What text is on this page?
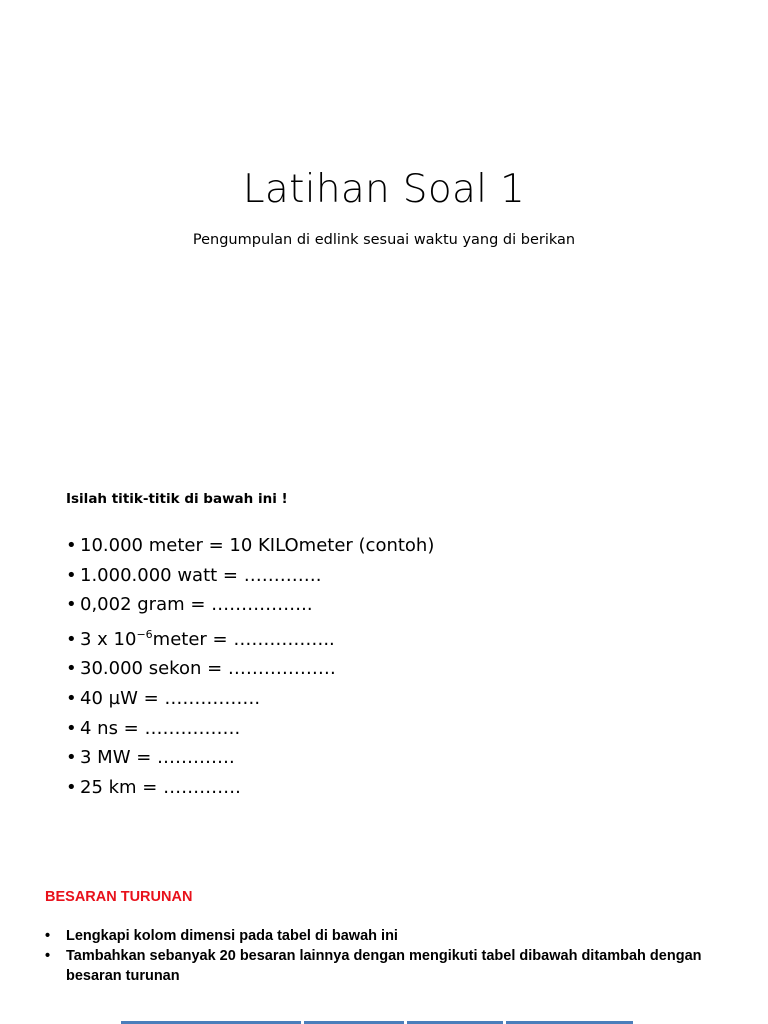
Latihan Soal 1
Pengumpulan di edlink sesuai waktu yang di berikan
Isilah titik-titik di bawah ini !
• 10.000 meter = 10 KILOmeter (contoh)
• 1.000.000 watt = ………….
• 0,002 gram = ……………..
• 3 x $10^{-6}meter$ = ……………..
• 30.000 sekon = ………………
• 40 µW = …………….
• 4 ns = …………….
• 3 MW = ………….
• 25 km = ………….
BESARAN TURUNAN
• Lengkapi kolom dimensi pada tabel di bawah ini
• Tambahkan sebanyak 20 besaran lainnya dengan mengikuti tabel dibawah ditambah dengan besaran turunan
